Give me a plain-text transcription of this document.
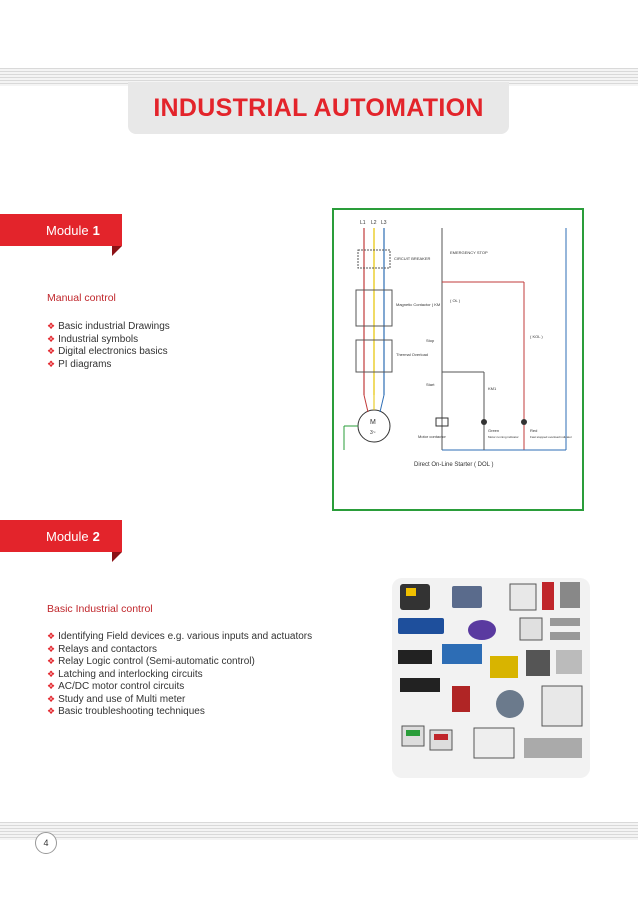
INDUSTRIAL AUTOMATION
Module 1
Manual control
❖ Basic industrial Drawings
❖ Industrial symbols
❖ Digital electronics basics
❖ PI diagrams
L1 L2 L3
CIRCUIT BREAKER
Magnetic Contactor ( KM )
Thermal Overload
M
3~
EMERGENCY STOP
( OL )
( KOL )
Stop
Start
KM1
Motor contactor
Green
Motor running indicator
Red
Fast stopped overload indicator
Direct On-Line Starter ( DOL )
Module 2
Basic Industrial control
❖ Identifying Field devices e.g. various inputs and actuators
❖ Relays and contactors
❖ Relay Logic control (Semi-automatic control)
❖ Latching and interlocking circuits
❖ AC/DC motor control circuits
❖ Study and use of Multi meter
❖ Basic troubleshooting techniques
4
